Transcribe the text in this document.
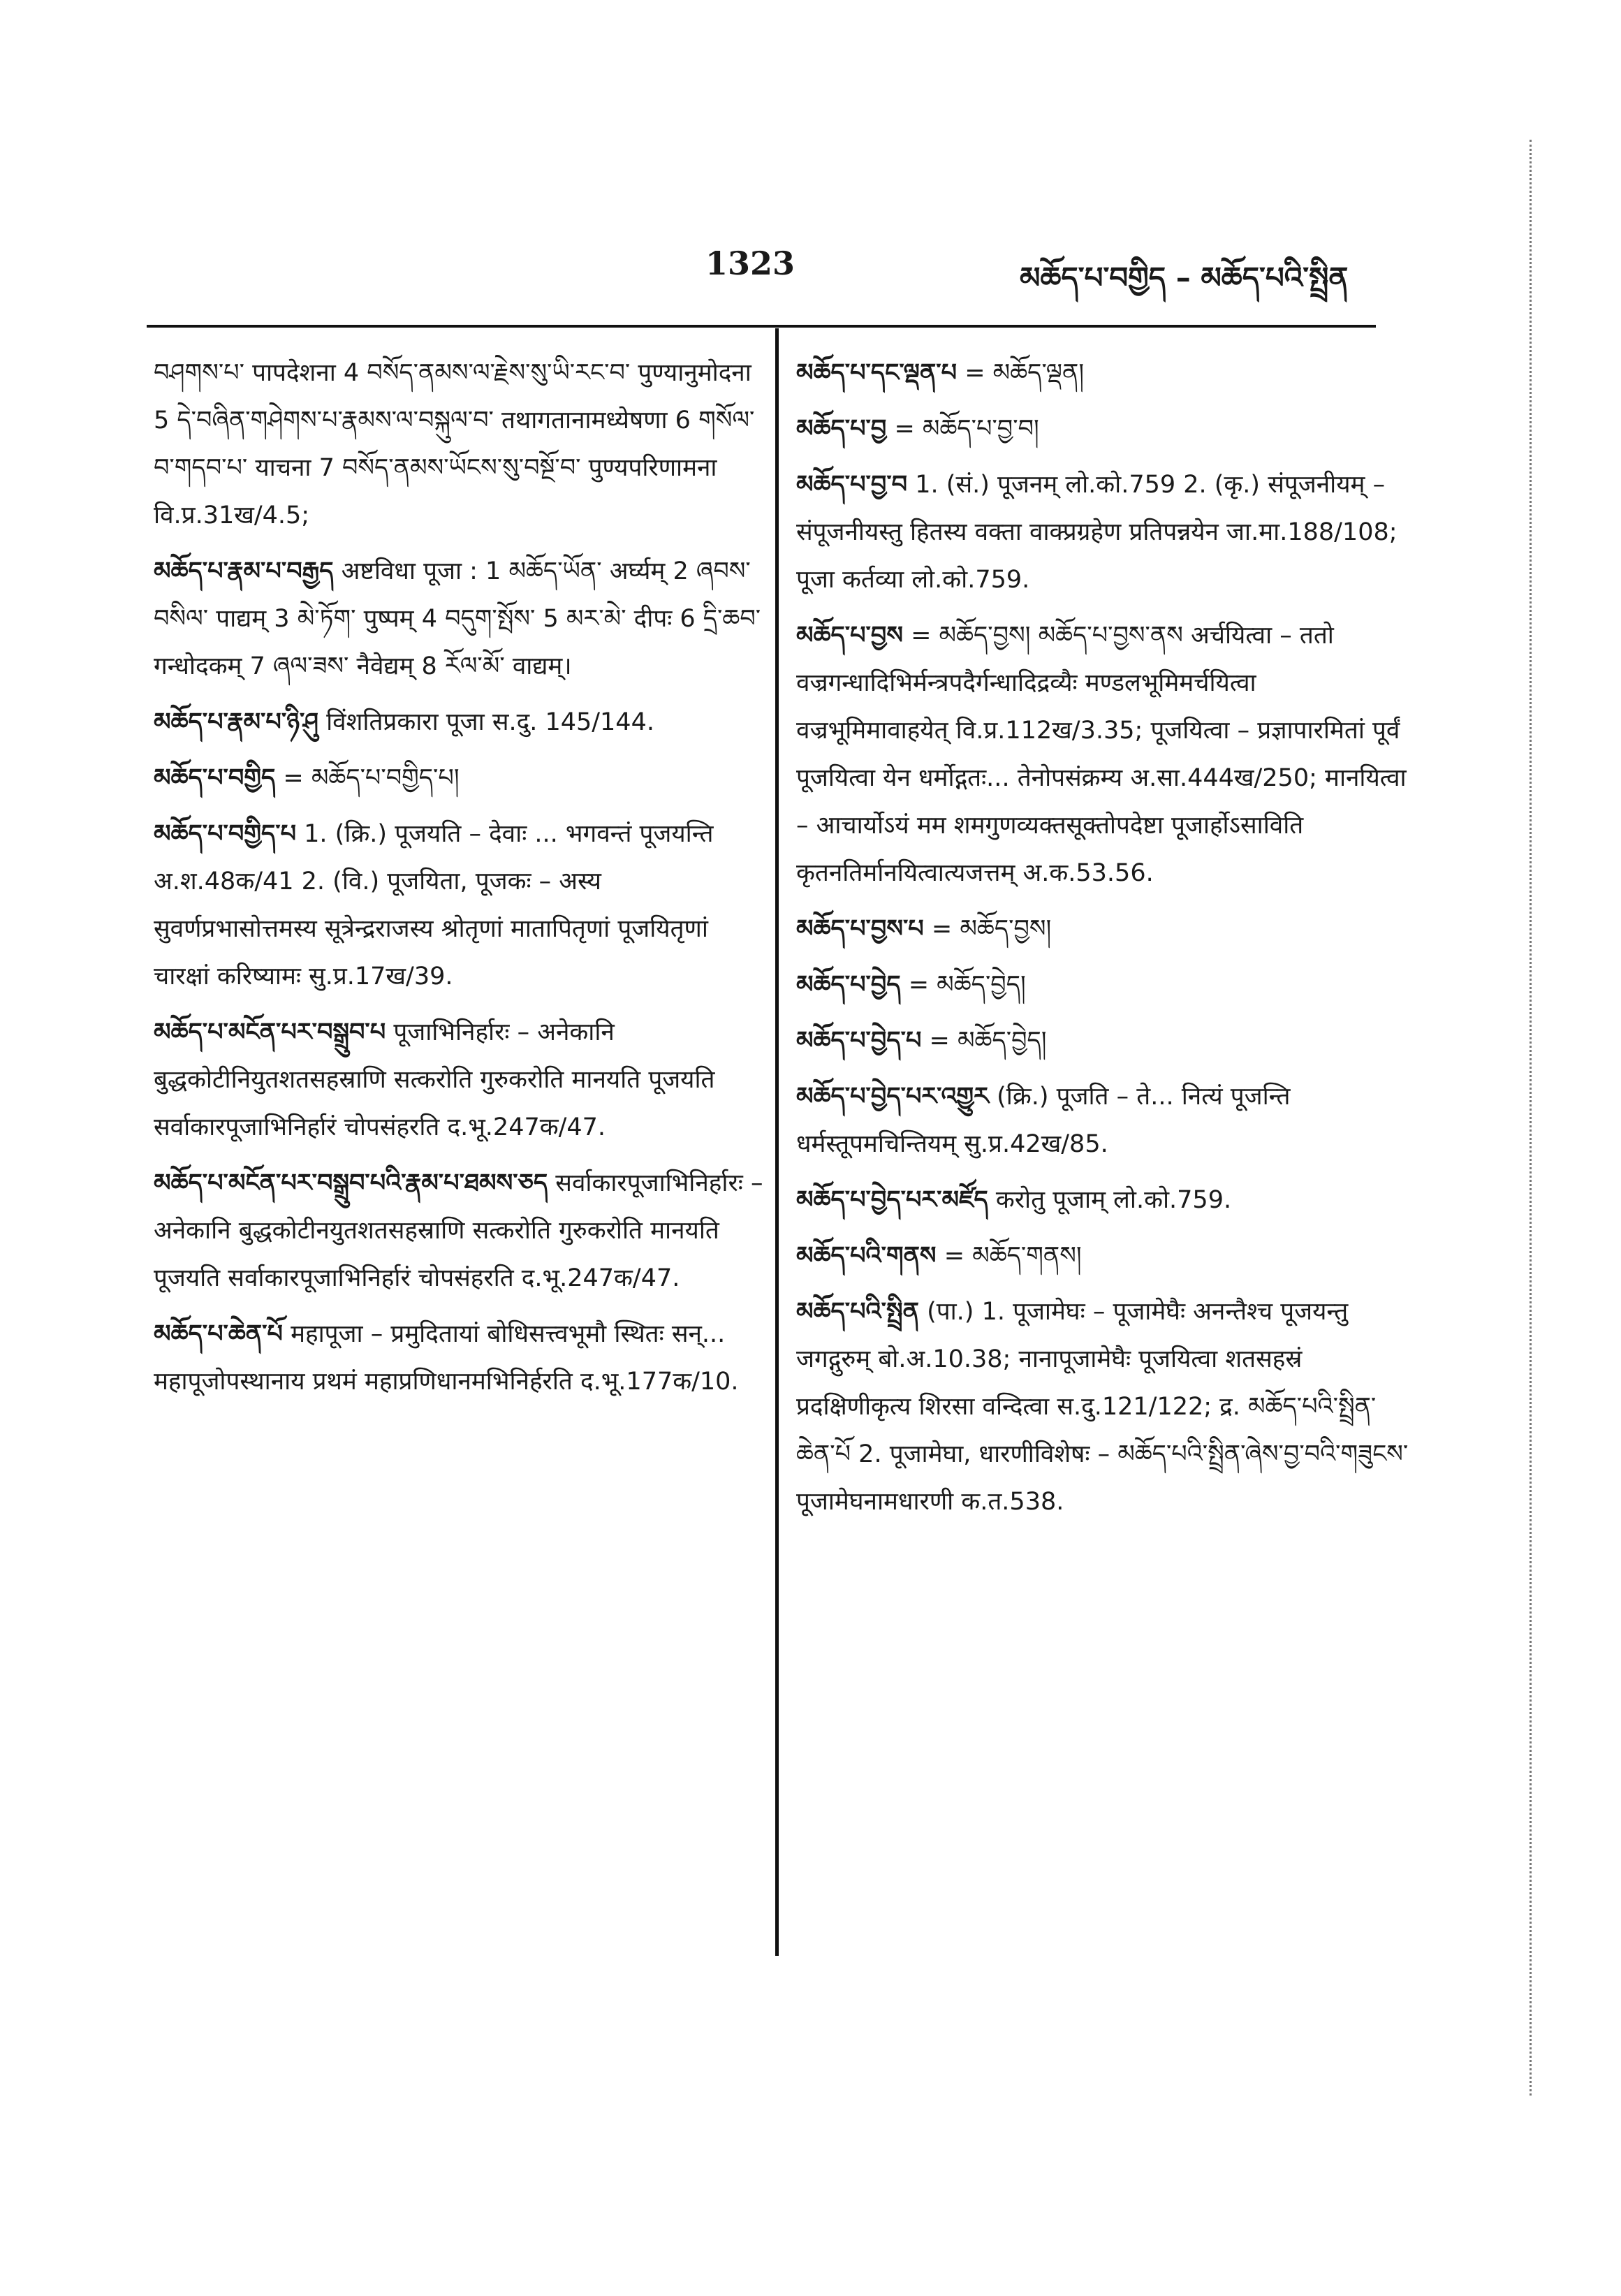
1323	མཆོད་པ་བགྱིད – མཆོད་པའི་སྤྲིན
བཤགས་པ་ पापदेशना 4 བསོད་ནམས་ལ་རྗེས་སུ་ཡི་རང་བ་ पुण्यानुमोदना 5 དེ་བཞིན་གཤེགས་པ་རྣམས་ལ་བསྐུལ་བ་ तथागतानामध्येषणा 6 གསོལ་བ་གདབ་པ་ याचना 7 བསོད་ནམས་ཡོངས་སུ་བསྔོ་བ་ पुण्यपरिणामना वि.प्र.31ख/4.5;
མཆོད་པ་རྣམ་པ་བརྒྱད अष्टविधा पूजा : 1 མཆོད་ཡོན་ अर्घ्यम् 2 ཞབས་བསིལ་ पाद्यम् 3 མེ་ཏོག་ पुष्पम् 4 བདུག་སྤོས་ 5 མར་མེ་ दीपः 6 དྲི་ཆབ་ गन्धोदकम् 7 ཞལ་ཟས་ नैवेद्यम् 8 རོལ་མོ་ वाद्यम्।
མཆོད་པ་རྣམ་པ་ཉི་ཤུ विंशतिप्रकारा पूजा स.दु. 145/144.
མཆོད་པ་བགྱིད = མཆོད་པ་བགྱིད་པ།
མཆོད་པ་བགྱིད་པ 1. (क्रि.) पूजयति – देवाः ... भगवन्तं पूजयन्ति अ.श.48क/41 2. (वि.) पूजयिता, पूजकः – अस्य सुवर्णप्रभासोत्तमस्य सूत्रेन्द्रराजस्य श्रोतृणां मातापितृणां पूजयितृणां चारक्षां करिष्यामः सु.प्र.17ख/39.
མཆོད་པ་མངོན་པར་བསྒྲུབ་པ पूजाभिनिर्हारः – अनेकानि बुद्धकोटीनियुतशतसहस्राणि सत्करोति गुरुकरोति मानयति पूजयति सर्वाकारपूजाभिनिर्हारं चोपसंहरति द.भू.247क/47.
མཆོད་པ་མངོན་པར་བསྒྲུབ་པའི་རྣམ་པ་ཐམས་ཅད सर्वाकारपूजाभिनिर्हारः – अनेकानि बुद्धकोटीनयुतशतसहस्राणि सत्करोति गुरुकरोति मानयति पूजयति सर्वाकारपूजाभिनिर्हारं चोपसंहरति द.भू.247क/47.
མཆོད་པ་ཆེན་པོ महापूजा – प्रमुदितायां बोधिसत्त्वभूमौ स्थितः सन्... महापूजोपस्थानाय प्रथमं महाप्रणिधानमभिनिर्हरति द.भू.177क/10.
མཆོད་པ་དང་ལྡན་པ = མཆོད་ལྡན།
མཆོད་པ་བྱ = མཆོད་པ་བྱ་བ།
མཆོད་པ་བྱ་བ 1. (सं.) पूजनम् लो.को.759 2. (कृ.) संपूजनीयम् – संपूजनीयस्तु हितस्य वक्ता वाक्प्रग्रहेण प्रतिपन्नयेन जा.मा.188/108; पूजा कर्तव्या लो.को.759.
མཆོད་པ་བྱས = མཆོད་བྱས། མཆོད་པ་བྱས་ནས अर्चयित्वा – ततो वज्रगन्धादिभिर्मन्त्रपदैर्गन्धादिद्रव्यैः मण्डलभूमिमर्चयित्वा वज्रभूमिमावाहयेत् वि.प्र.112ख/3.35; पूजयित्वा – प्रज्ञापारमितां पूर्वं पूजयित्वा येन धर्मोद्गतः... तेनोपसंक्रम्य अ.सा.444ख/250; मानयित्वा – आचार्योऽयं मम शमगुणव्यक्तसूक्तोपदेष्टा पूजार्होऽसाविति कृतनतिर्मानयित्वात्यजत्तम् अ.क.53.56.
མཆོད་པ་བྱས་པ = མཆོད་བྱས།
མཆོད་པ་བྱེད = མཆོད་བྱེད།
མཆོད་པ་བྱེད་པ = མཆོད་བྱེད།
མཆོད་པ་བྱེད་པར་འགྱུར (क्रि.) पूजति – ते... नित्यं पूजन्ति धर्मस्तूपमचिन्तियम् सु.प्र.42ख/85.
མཆོད་པ་བྱེད་པར་མཛོད करोतु पूजाम् लो.को.759.
མཆོད་པའི་གནས = མཆོད་གནས།
མཆོད་པའི་སྤྲིན (पा.) 1. पूजामेघः – पूजामेघैः अनन्तैश्च पूजयन्तु जगद्गुरुम् बो.अ.10.38; नानापूजामेघैः पूजयित्वा शतसहस्रं प्रदक्षिणीकृत्य शिरसा वन्दित्वा स.दु.121/122; द्र. མཆོད་པའི་སྤྲིན་ཆེན་པོ 2. पूजामेघा, धारणीविशेषः – མཆོད་པའི་སྤྲིན་ཞེས་བྱ་བའི་གཟུངས་ पूजामेघनामधारणी क.त.538.
